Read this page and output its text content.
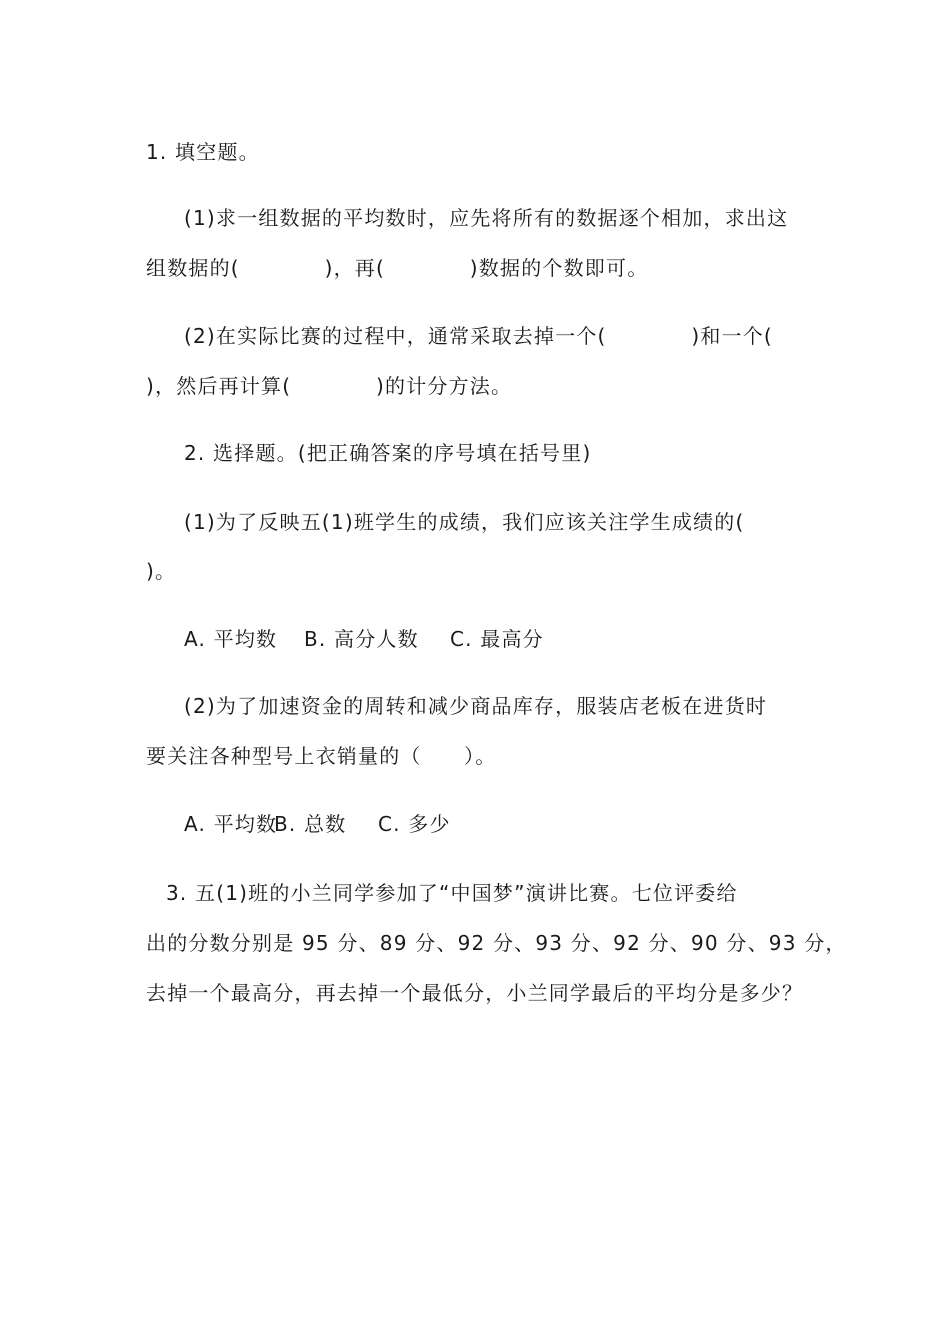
1. 填空题。
(1)求一组数据的平均数时，应先将所有的数据逐个相加，求出这
组数据的(　　　　)，再(　　　　)数据的个数即可。
(2)在实际比赛的过程中，通常采取去掉一个(　　　　)和一个(
)，然后再计算(　　　　)的计分方法。
2. 选择题。(把正确答案的序号填在括号里)
(1)为了反映五(1)班学生的成绩，我们应该关注学生成绩的(
)。
A. 平均数 B. 高分人数 C. 最高分
(2)为了加速资金的周转和减少商品库存，服装店老板在进货时
要关注各种型号上衣销量的（　　）。
A. 平均数
B. 总数 C. 多少
3. 五(1)班的小兰同学参加了“中国梦”演讲比赛。七位评委给
出的分数分别是 95 分、89 分、92 分、93 分、92 分、90 分、93 分，
去掉一个最高分，再去掉一个最低分，小兰同学最后的平均分是多少？
